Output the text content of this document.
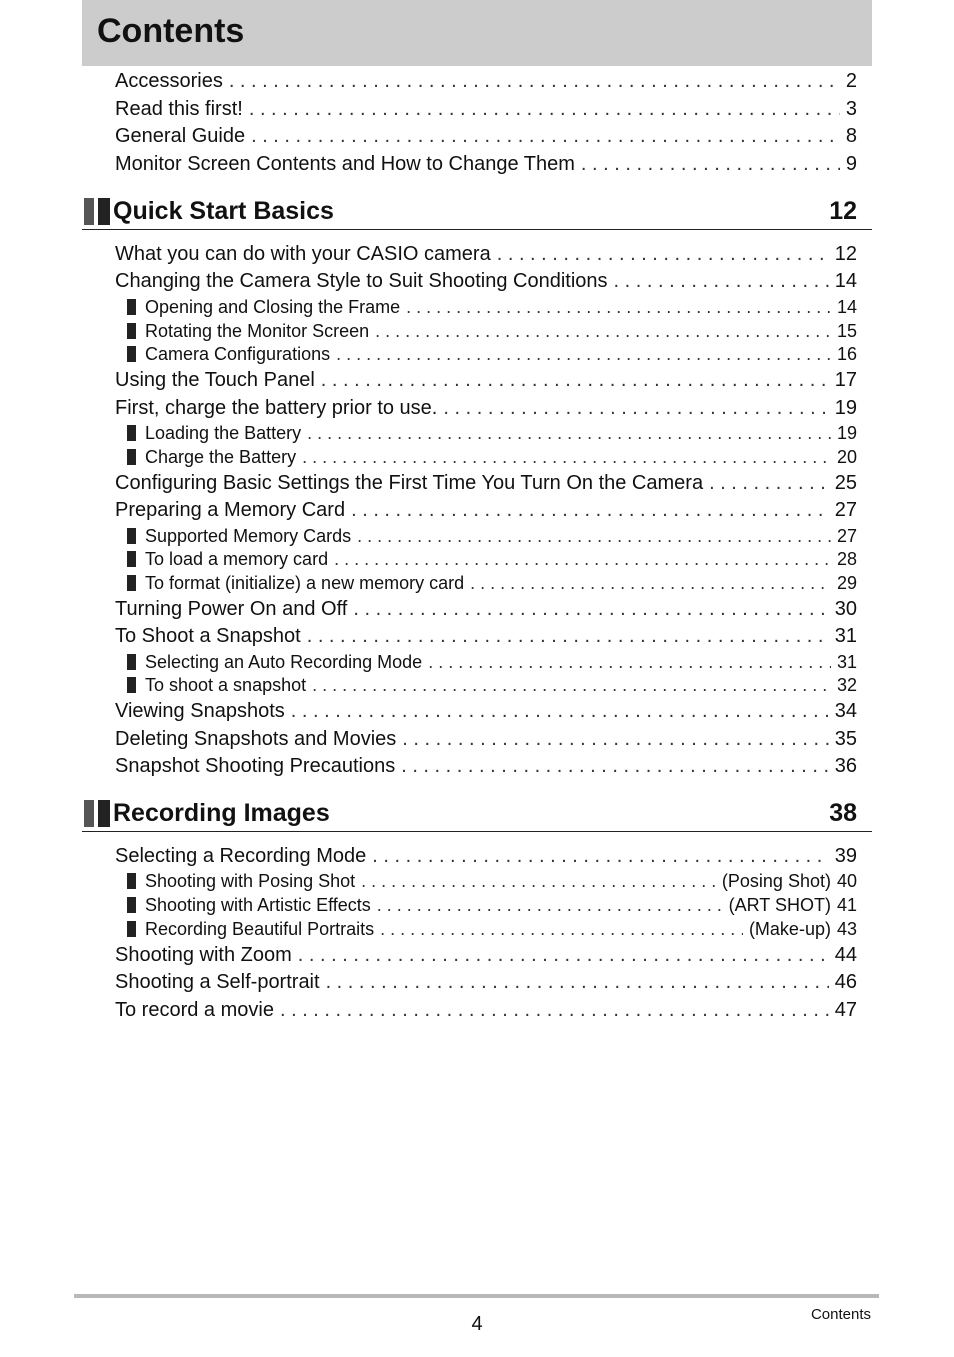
Contents
Accessories . . .	2
Read this first! . . .	3
General Guide . . .	8
Monitor Screen Contents and How to Change Them . . .	9
Quick Start Basics	12
What you can do with your CASIO camera . . .	12
Changing the Camera Style to Suit Shooting Conditions . . .	14
Opening and Closing the Frame . . .	14
Rotating the Monitor Screen . . .	15
Camera Configurations . . .	16
Using the Touch Panel . . .	17
First, charge the battery prior to use. . . .	19
Loading the Battery . . .	19
Charge the Battery . . .	20
Configuring Basic Settings the First Time You Turn On the Camera . . .	25
Preparing a Memory Card . . .	27
Supported Memory Cards . . .	27
To load a memory card . . .	28
To format (initialize) a new memory card . . .	29
Turning Power On and Off . . .	30
To Shoot a Snapshot . . .	31
Selecting an Auto Recording Mode . . .	31
To shoot a snapshot . . .	32
Viewing Snapshots . . .	34
Deleting Snapshots and Movies . . .	35
Snapshot Shooting Precautions . . .	36
Recording Images	38
Selecting a Recording Mode . . .	39
Shooting with Posing Shot . . .	(Posing Shot) 40
Shooting with Artistic Effects . . .	(ART SHOT) 41
Recording Beautiful Portraits . . .	(Make-up) 43
Shooting with Zoom . . .	44
Shooting a Self-portrait . . .	46
To record a movie . . .	47
4	Contents
